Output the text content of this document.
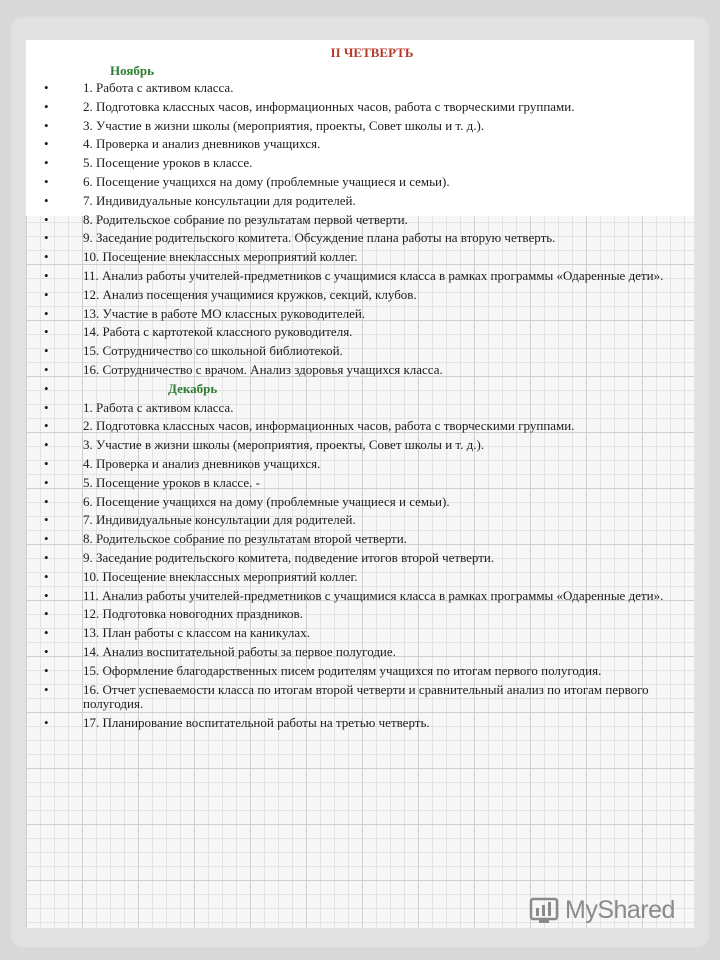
II ЧЕТВЕРТЬ
Ноябрь
• 1. Работа с активом класса.
• 2. Подготовка классных часов, информационных часов, работа с творческими группами.
• 3. Участие в жизни школы (мероприятия, проекты, Совет школы и т. д.).
• 4. Проверка и анализ дневников учащихся.
• 5. Посещение уроков в классе.
• 6. Посещение учащихся на дому (проблемные учащиеся и семьи).
• 7. Индивидуальные консультации для родителей.
• 8. Родительское собрание по результатам первой четверти.
• 9. Заседание родительского комитета. Обсуждение плана работы на вторую четверть.
• 10. Посещение внеклассных мероприятий коллег.
• 11. Анализ работы учителей-предметников с учащимися класса в рамках программы «Одаренные дети».
• 12. Анализ посещения учащимися кружков, секций, клубов.
• 13. Участие в работе МО классных руководителей.
• 14. Работа с картотекой классного руководителя.
• 15. Сотрудничество со школьной библиотекой.
• 16. Сотрудничество с врачом. Анализ здоровья учащихся класса.
• Декабрь
• 1. Работа с активом класса.
• 2. Подготовка классных часов, информационных часов, работа с творческими группами.
• 3. Участие в жизни школы (мероприятия, проекты, Совет школы и т. д.).
• 4. Проверка и анализ дневников учащихся.
• 5. Посещение уроков в классе. -
• 6. Посещение учащихся на дому (проблемные учащиеся и семьи).
• 7. Индивидуальные консультации для родителей.
• 8. Родительское собрание по результатам второй четверти.
• 9. Заседание родительского комитета, подведение итогов второй четверти.
• 10. Посещение внеклассных мероприятий коллег.
• 11. Анализ работы учителей-предметников с учащимися класса в рамках программы «Одаренные дети».
• 12. Подготовка новогодних праздников.
• 13. План работы с классом на каникулах.
• 14. Анализ воспитательной работы за первое полугодие.
• 15. Оформление благодарственных писем родителям учащихся по итогам первого полугодия.
• 16. Отчет успеваемости класса по итогам второй четверти и сравнительный анализ по итогам первого полугодия.
• 17. Планирование воспитательной работы на третью четверть.
MyShared
